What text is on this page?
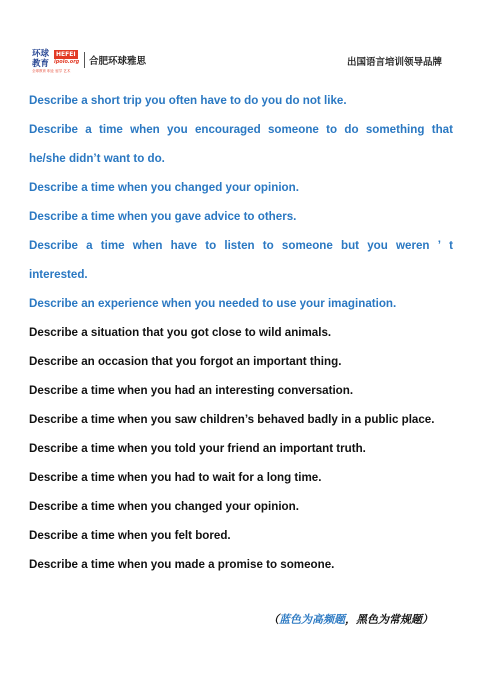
环球教育
HEFEI
ipolo.org
全球教育 职业 留学 艺术
合肥环球雅思	出国语言培训领导品牌
Describe a short trip you often have to do you do not like.
Describe a time when you encouraged someone to do something that
he/she didn’t want to do.
Describe a time when you changed your opinion.
Describe a time when you gave advice to others.
Describe a time when have to listen to someone but you weren ’ t
interested.
Describe an experience when you needed to use your imagination.
Describe a situation that you got close to wild animals.
Describe an occasion that you forgot an important thing.
Describe a time when you had an interesting conversation.
Describe a time when you saw children’s behaved badly in a public place.
Describe a time when you told your friend an important truth.
Describe a time when you had to wait for a long time.
Describe a time when you changed your opinion.
Describe a time when you felt bored.
Describe a time when you made a promise to someone.
（蓝色为高频题，黑色为常规题）
